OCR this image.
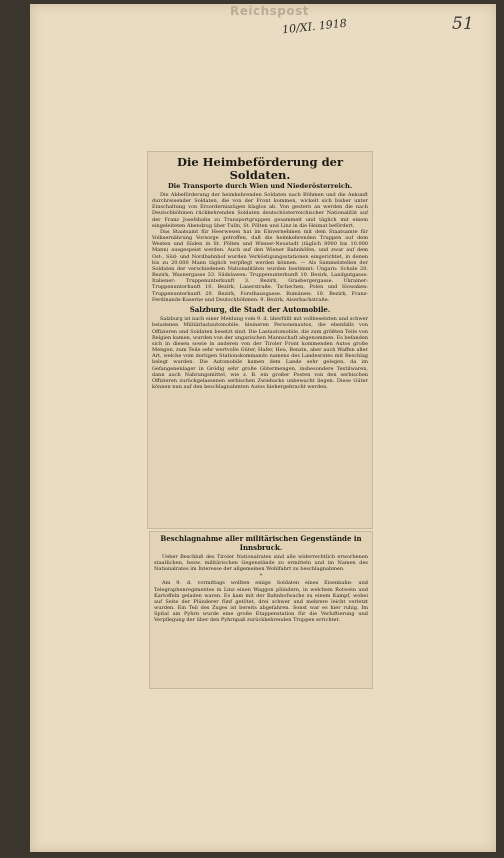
Reichspost
10/XI. 1918	51
Die Heimbeförderung der Soldaten.
Die Transporte durch Wien und Niederösterreich.

Die Abbeförderung der heimkehrenden Soldaten nach Böhmen und die Ankunft durchreisender Soldaten, die von der Front kommen, wickelt sich bisher unter Einschaltung von Ersorderniszügen klaglos ab. Von gestern an werden die nach Deutschböhmen rückkehrenden Soldaten deutschösterreichischer Nationalität auf der Franz Josefsbahn zu Transportgruppen gesammelt und täglich mit einem eingeleiteten Abendzug über Tulln, St. Pölten und Linz in die Heimat befördert.

Das Staatsamt für Heerwesen hat im Einvernehmen mit dem Staatsamte für Volksernährung Vorsorge getroffen, daß die heimkehrenden Truppen auf dem Westen und Süden in St. Pölten und Wiener-Neustadt (täglich 8000 bis 10.000 Mann) ausgespeist werden. Auch auf den Wiener Bahnhöfen, und zwar auf dem Ost-, Süd- und Nordbahnhof wurden Verköstigungsstationen eingerichtet, in denen bis zu 20.000 Mann täglich verpflegt werden können. — Als Sammelstellen der Soldaten der verschiedenen Nationalitäten wurden bestimmt: Ungarn: Schule 20. Bezirk, Wasnergasse 33. Südslawen: Truppenunterkunft 10. Bezirk, Landgutgasse. Italiener: Truppenunterkunft 3. Bezirk, Grasbergergasse. Ukrainer: Truppenunterkunft 10. Bezirk, Laaerstraße. Tschechen, Polen und Slowaken: Truppenunterkunft 20. Bezirk, Forsthausgasse. Rumänen: 10. Bezirk, Franz-Ferdinands-Kaserne und Deutschböhmen: 9. Bezirk, Alserbachstraße.

Salzburg, die Stadt der Automobile.

Salzburg ist nach einer Meldung vom 9. d. überfüllt mit vollbesetzten und schwer beladenen Militärlastautomobile, kleineren Personenautos, die ebenfalls von Offizieren und Soldaten besetzt sind. Die Lastautomobile, die zum größten Teile von Belgien kamen, wurden von der ungarischen Mannschaft abgenommen. Es befanden sich in diesen sowie in anderen von der Tiroler Front kommenden Autos große Mengen, zum Teile sehr wertvolle Güter, Hafer, Heu, Benzin, aber auch Waffen aller Art, welche vom dortigen Stationskommando namens des Landesrates mit Beschlag belegt wurden. Die Automobile kamen dem Lande sehr gelegen, da im Gefangenenlager in Grödig sehr große Gütermengen, insbesondere Textilwaren, dann auch Nahrungsmittel, wie z. B. ein großer Posten von den serbischen Offizieren zurückgelassenen serbischen Zwiebacks unbewacht liegen. Diese Güter können nun auf den beschlagnahmten Autos hiehergebracht werden.

Beschlagnahme aller militärischen Gegenstände in Innsbruck.

Ueber Beschluß des Tiroler Nationalrates sind alle widerrechtlich erworbenen staatlichen, bezw. militärischen Gegenstände zu ermitteln und im Namen des Nationalrates im Interesse der allgemeinen Wohlfahrt zu beschlagnahmen.

*

Am 9. d. vormittags wollten einige Soldaten eines Eisenbahn- und Telegraphenregimentes in Linz einen Waggon plündern, in welchem Rotwein und Kartoffeln geladen waren. Es kam mit der Bahnhofwache zu einem Kampf, wobei auf Seite der Plünderer fünf getötet, drei schwer und mehrere leicht verletzt wurden. Ein Teil des Zuges ist bereits abgefahren. Sonst war es hier ruhig. Im Spital am Pyhrn wurde eine große Etappenstation für die Verluftierung und Verpflegung der über den Pyhrnpaß zurückkehrenden Truppen errichtet.
